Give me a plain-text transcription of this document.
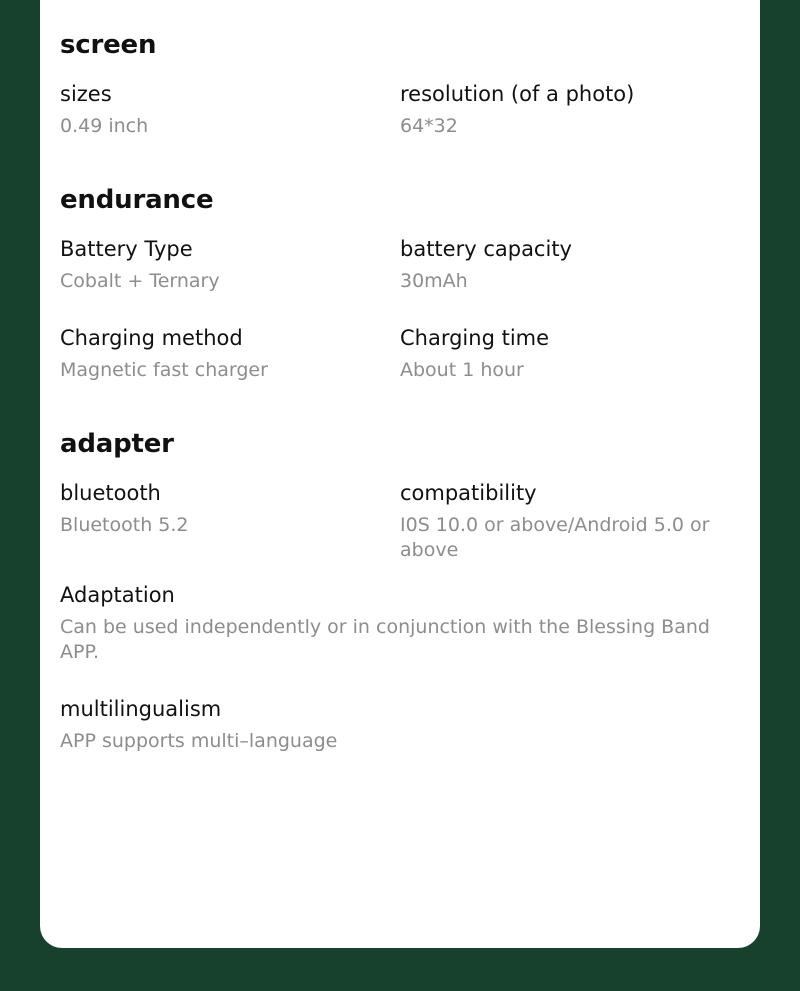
screen

sizes

0.49 inch

resolution (of a photo)

64*32

endurance

Battery Type

Cobalt + Ternary

battery capacity

30mAh

Charging method

Magnetic fast charger

Charging time

About 1 hour

adapter

bluetooth

Bluetooth 5.2

compatibility

I0S 10.0 or above/Android 5.0 or above

Adaptation

Can be used independently or in conjunction with the Blessing Band APP.

multilingualism

APP supports multi–language
